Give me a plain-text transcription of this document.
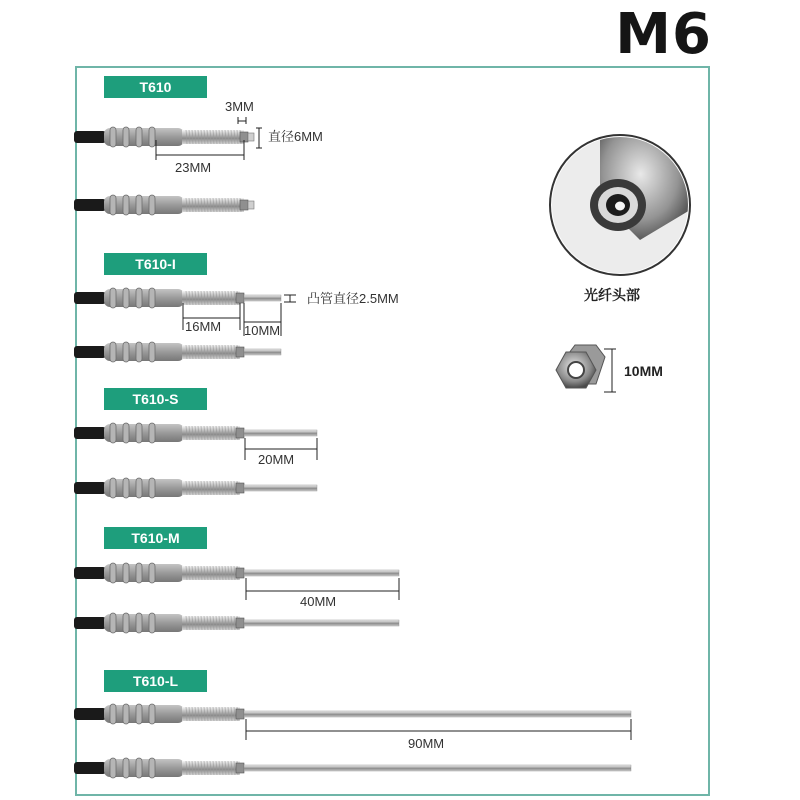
M6
T610
T610-I
T610-S
T610-M
T610-L
3MM
直径6MM
23MM
凸管直径2.5MM
16MM 10MM
20MM
40MM
90MM
光纤头部
10MM
